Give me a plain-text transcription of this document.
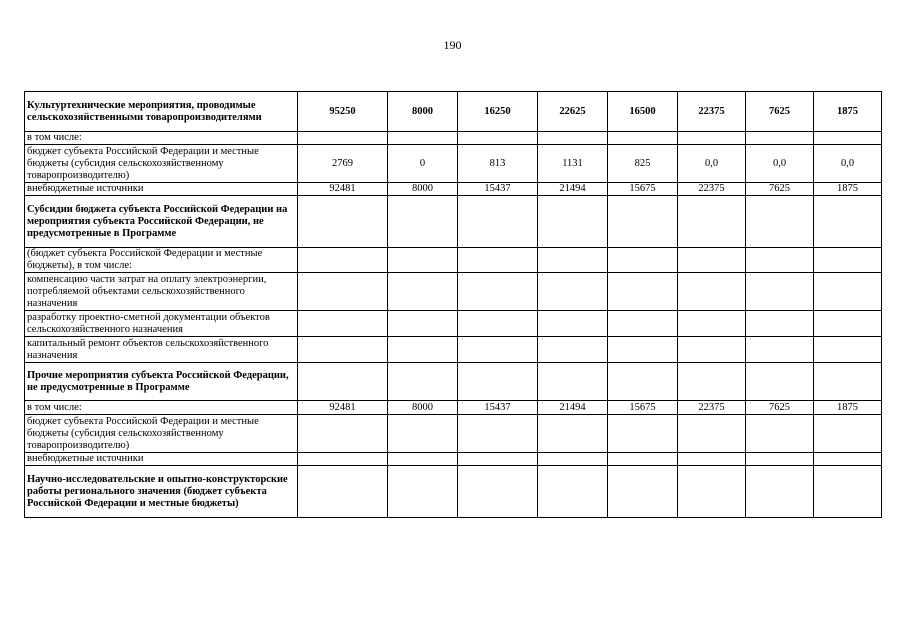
190
Культуртехнические мероприятия, проводимые сельскохозяйственными товаропроизводителями	95250	8000	16250	22625	16500	22375	7625	1875
в том числе:								
бюджет субъекта Российской Федерации и местные бюджеты (субсидия сельскохозяйственному товаропроизводителю)	2769	0	813	1131	825	0,0	0,0	0,0
внебюджетные источники	92481	8000	15437	21494	15675	22375	7625	1875
Субсидии бюджета субъекта Российской Федерации на мероприятия субъекта Российской Федерации, не предусмотренные в Программе								
(бюджет субъекта Российской Федерации и местные бюджеты), в том числе:								
компенсацию части затрат на оплату электроэнергии, потребляемой объектами сельскохозяйственного назначения								
разработку проектно-сметной документации объектов сельскохозяйственного назначения								
капитальный ремонт объектов сельскохозяйственного назначения								
Прочие мероприятия субъекта Российской Федерации, не предусмотренные в Программе								
в том числе:	92481	8000	15437	21494	15675	22375	7625	1875
бюджет субъекта Российской Федерации и местные бюджеты (субсидия сельскохозяйственному товаропроизводителю)								
внебюджетные источники								
Научно-исследовательские и опытно-конструкторские работы регионального значения (бюджет субъекта Российской Федерации и местные бюджеты)								
